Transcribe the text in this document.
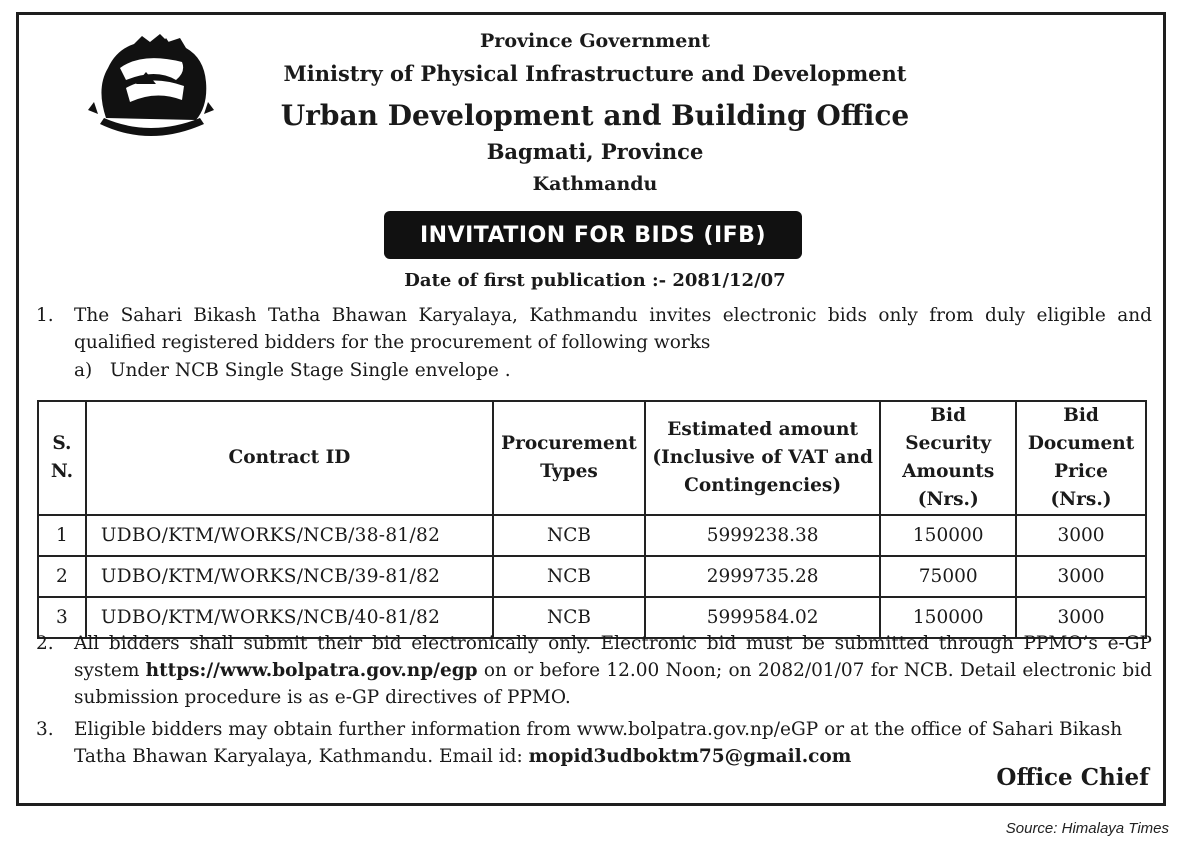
Province Government
Ministry of Physical Infrastructure and Development
Urban Development and Building Office
Bagmati, Province
Kathmandu
INVITATION FOR BIDS (IFB)
Date of first publication :- 2081/12/07
1. The Sahari Bikash Tatha Bhawan Karyalaya, Kathmandu invites electronic bids only from duly eligible and qualified registered bidders for the procurement of following works
a)   Under NCB Single Stage Single envelope .
S. N.	Contract ID	Procurement Types	Estimated amount (Inclusive of VAT and Contingencies)	Bid Security Amounts (Nrs.)	Bid Document Price (Nrs.)
1	UDBO/KTM/WORKS/NCB/38-81/82	NCB	5999238.38	150000	3000
2	UDBO/KTM/WORKS/NCB/39-81/82	NCB	2999735.28	75000	3000
3	UDBO/KTM/WORKS/NCB/40-81/82	NCB	5999584.02	150000	3000
2. All bidders shall submit their bid electronically only. Electronic bid must be submitted through PPMO’s e-GP system https://www.bolpatra.gov.np/egp on or before 12.00 Noon; on 2082/01/07 for NCB. Detail electronic bid submission procedure is as e-GP directives of PPMO.
3. Eligible bidders may obtain further information from www.bolpatra.gov.np/eGP or at the office of Sahari Bikash Tatha Bhawan Karyalaya, Kathmandu. Email id: mopid3udboktm75@gmail.com
Office Chief
Source: Himalaya Times
